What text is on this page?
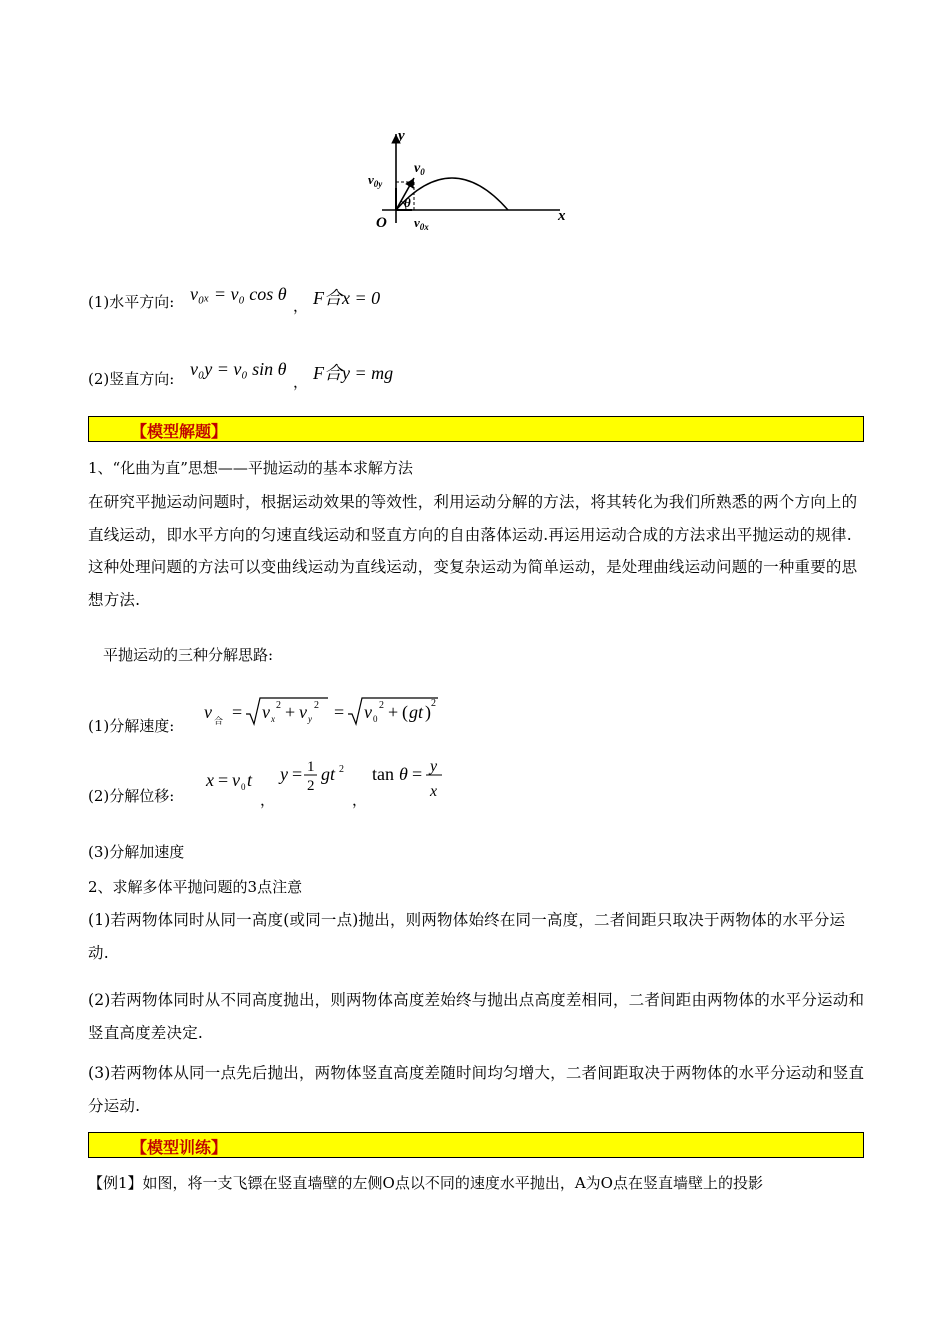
y
x
O
$v_0$
$v_{0y}$
$v_{0x}$
θ
(1)水平方向: v₀ₓ = v₀ cos θ
， F合x = 0
(2)竖直方向: v₀y = v₀ sin θ
， F合y = mg
【模型解题】
1、“化曲为直”思想——平抛运动的基本求解方法
在研究平抛运动问题时，根据运动效果的等效性，利用运动分解的方法，将其转化为我们所熟悉的两个方向上的直线运动，即水平方向的匀速直线运动和竖直方向的自由落体运动.再运用运动合成的方法求出平抛运动的规律.这种处理问题的方法可以变曲线运动为直线运动，变复杂运动为简单运动，是处理曲线运动问题的一种重要的思想方法.
平抛运动的三种分解思路:
(1)分解速度:
v 合 = v x
2 + v y
2 = v 0
2 + ( gt ) 2
(2)分解位移:
x = v 0 t y = 1
2
gt 2 tan θ = y
x
，	，
(3)分解加速度
2、求解多体平抛问题的3点注意
(1)若两物体同时从同一高度(或同一点)抛出，则两物体始终在同一高度，二者间距只取决于两物体的水平分运动.
(2)若两物体同时从不同高度抛出，则两物体高度差始终与抛出点高度差相同，二者间距由两物体的水平分运动和竖直高度差决定.
(3)若两物体从同一点先后抛出，两物体竖直高度差随时间均匀增大，二者间距取决于两物体的水平分运动和竖直分运动.
【模型训练】
【例1】如图，将一支飞镖在竖直墙壁的左侧O点以不同的速度水平抛出，A为O点在竖直墙壁上的投影
